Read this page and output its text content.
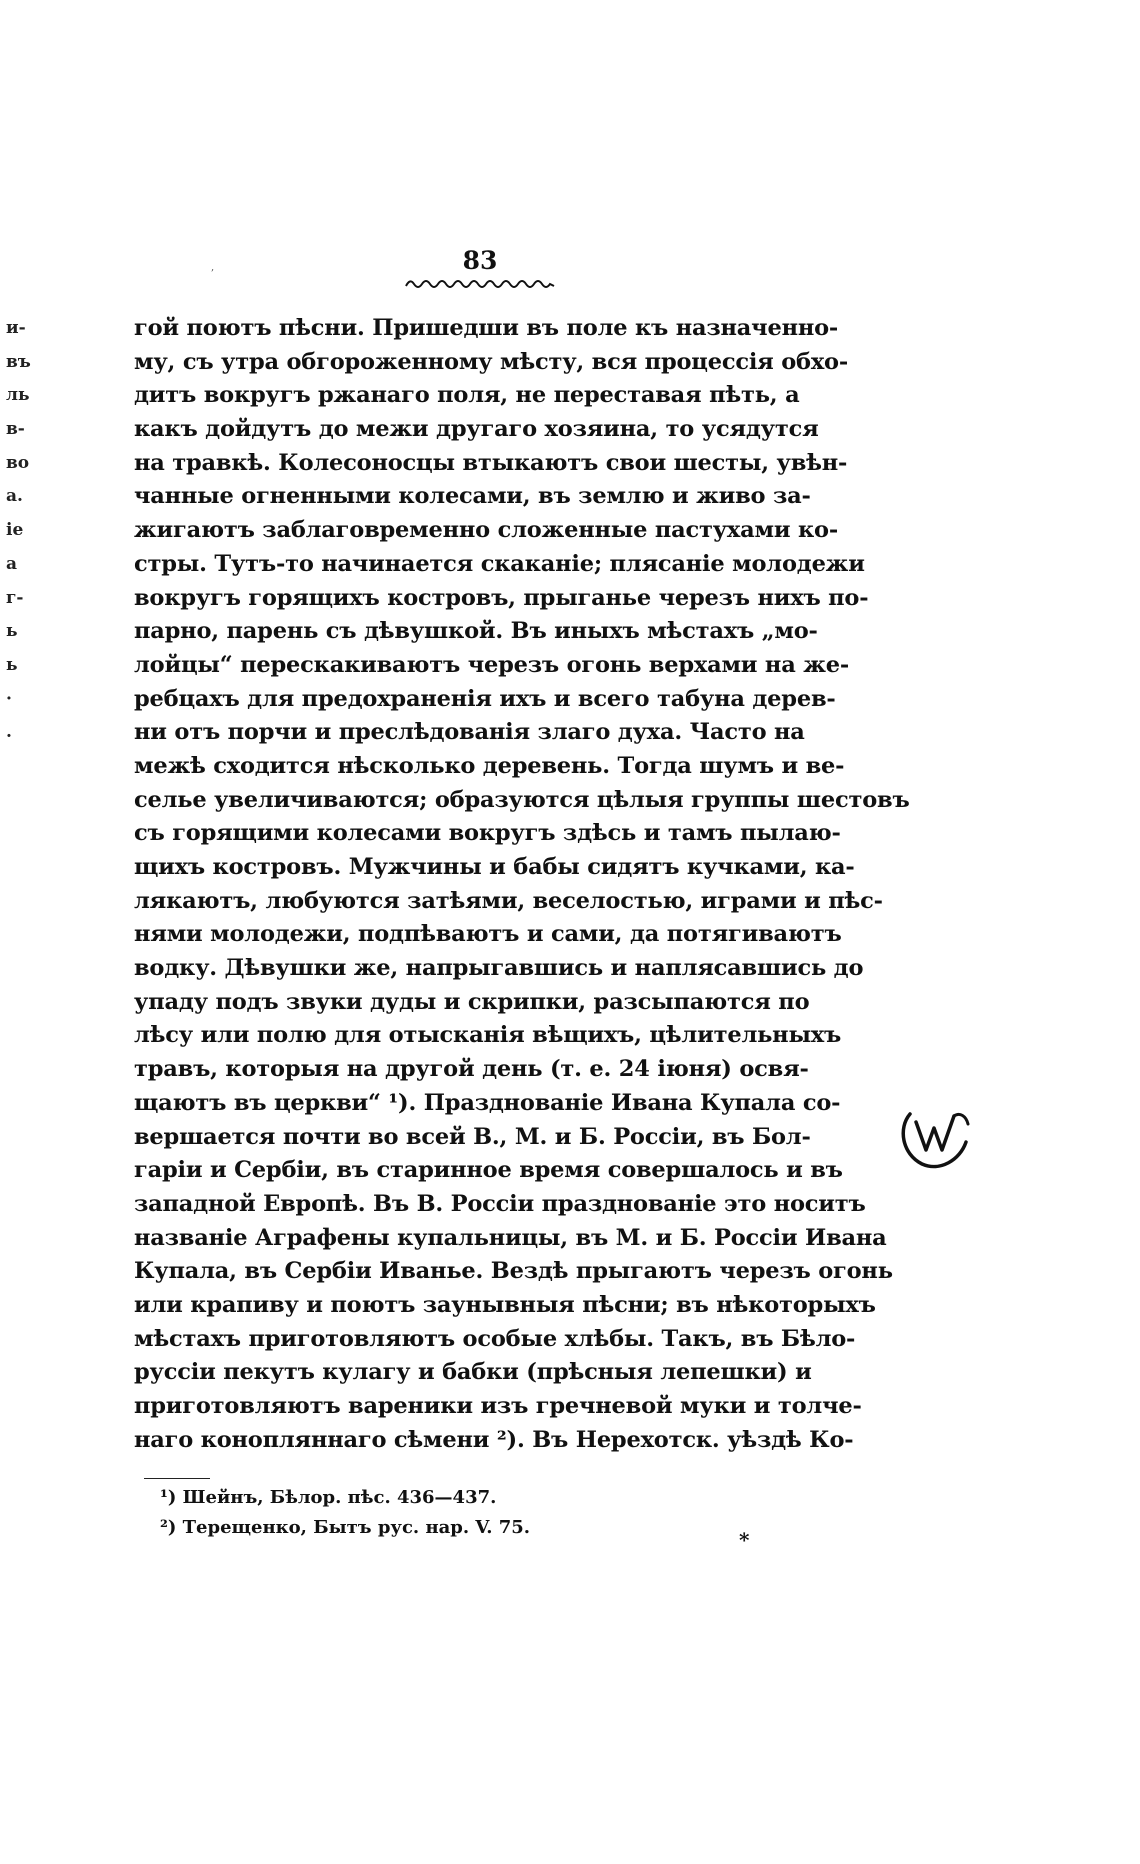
,	83
и-
въ
ль
в-
во
а.
ie
а
г-
ь
ь
·
.
гой поютъ пѣсни. Пришедши въ поле къ назначенно-
му, съ утра обгороженному мѣсту, вся процессія обхо-
дитъ вокругъ ржанаго поля, не переставая пѣть, а
какъ дойдутъ до межи другаго хозяина, то усядутся
на травкѣ. Колесоносцы втыкаютъ свои шесты, увѣн-
чанные огненными колесами, въ землю и живо за-
жигаютъ заблаговременно сложенные пастухами ко-
стры. Тутъ-то начинается скаканіе; плясаніе молодежи
вокругъ горящихъ костровъ, прыганье черезъ нихъ по-
парно, парень съ дѣвушкой. Въ иныхъ мѣстахъ „мо-
лойцы“ перескакиваютъ черезъ огонь верхами на же-
ребцахъ для предохраненія ихъ и всего табуна дерев-
ни отъ порчи и преслѣдованія злаго духа. Часто на
межѣ сходится нѣсколько деревень. Тогда шумъ и ве-
селье увеличиваются; образуются цѣлыя группы шестовъ
съ горящими колесами вокругъ здѣсь и тамъ пылаю-
щихъ костровъ. Мужчины и бабы сидятъ кучками, ка-
лякаютъ, любуются затѣями, веселостью, играми и пѣс-
нями молодежи, подпѣваютъ и сами, да потягиваютъ
водку. Дѣвушки же, напрыгавшись и наплясавшись до
упаду подъ звуки дуды и скрипки, разсыпаются по
лѣсу или полю для отысканія вѣщихъ, цѣлительныхъ
травъ, которыя на другой день (т. е. 24 іюня) освя-
щаютъ въ церкви“ ¹). Празднованіе Ивана Купала со-
вершается почти во всей В., М. и Б. Россіи, въ Бол-
гаріи и Сербіи, въ старинное время совершалось и въ
западной Европѣ. Въ В. Россіи празднованіе это носитъ
названіе Аграфены купальницы, въ М. и Б. Россіи Ивана
Купала, въ Сербіи Иванье. Вездѣ прыгаютъ черезъ огонь
или крапиву и поютъ заунывныя пѣсни; въ нѣкоторыхъ
мѣстахъ приготовляютъ особые хлѣбы. Такъ, въ Бѣло-
руссіи пекутъ кулагу и бабки (прѣсныя лепешки) и
приготовляютъ вареники изъ гречневой муки и толче-
наго конопляннаго сѣмени ²). Въ Нерехотск. уѣздѣ Ко-
¹) Шейнъ, Бѣлор. пѣс. 436—437.
²) Терещенко, Бытъ рус. нар. V. 75.
*
